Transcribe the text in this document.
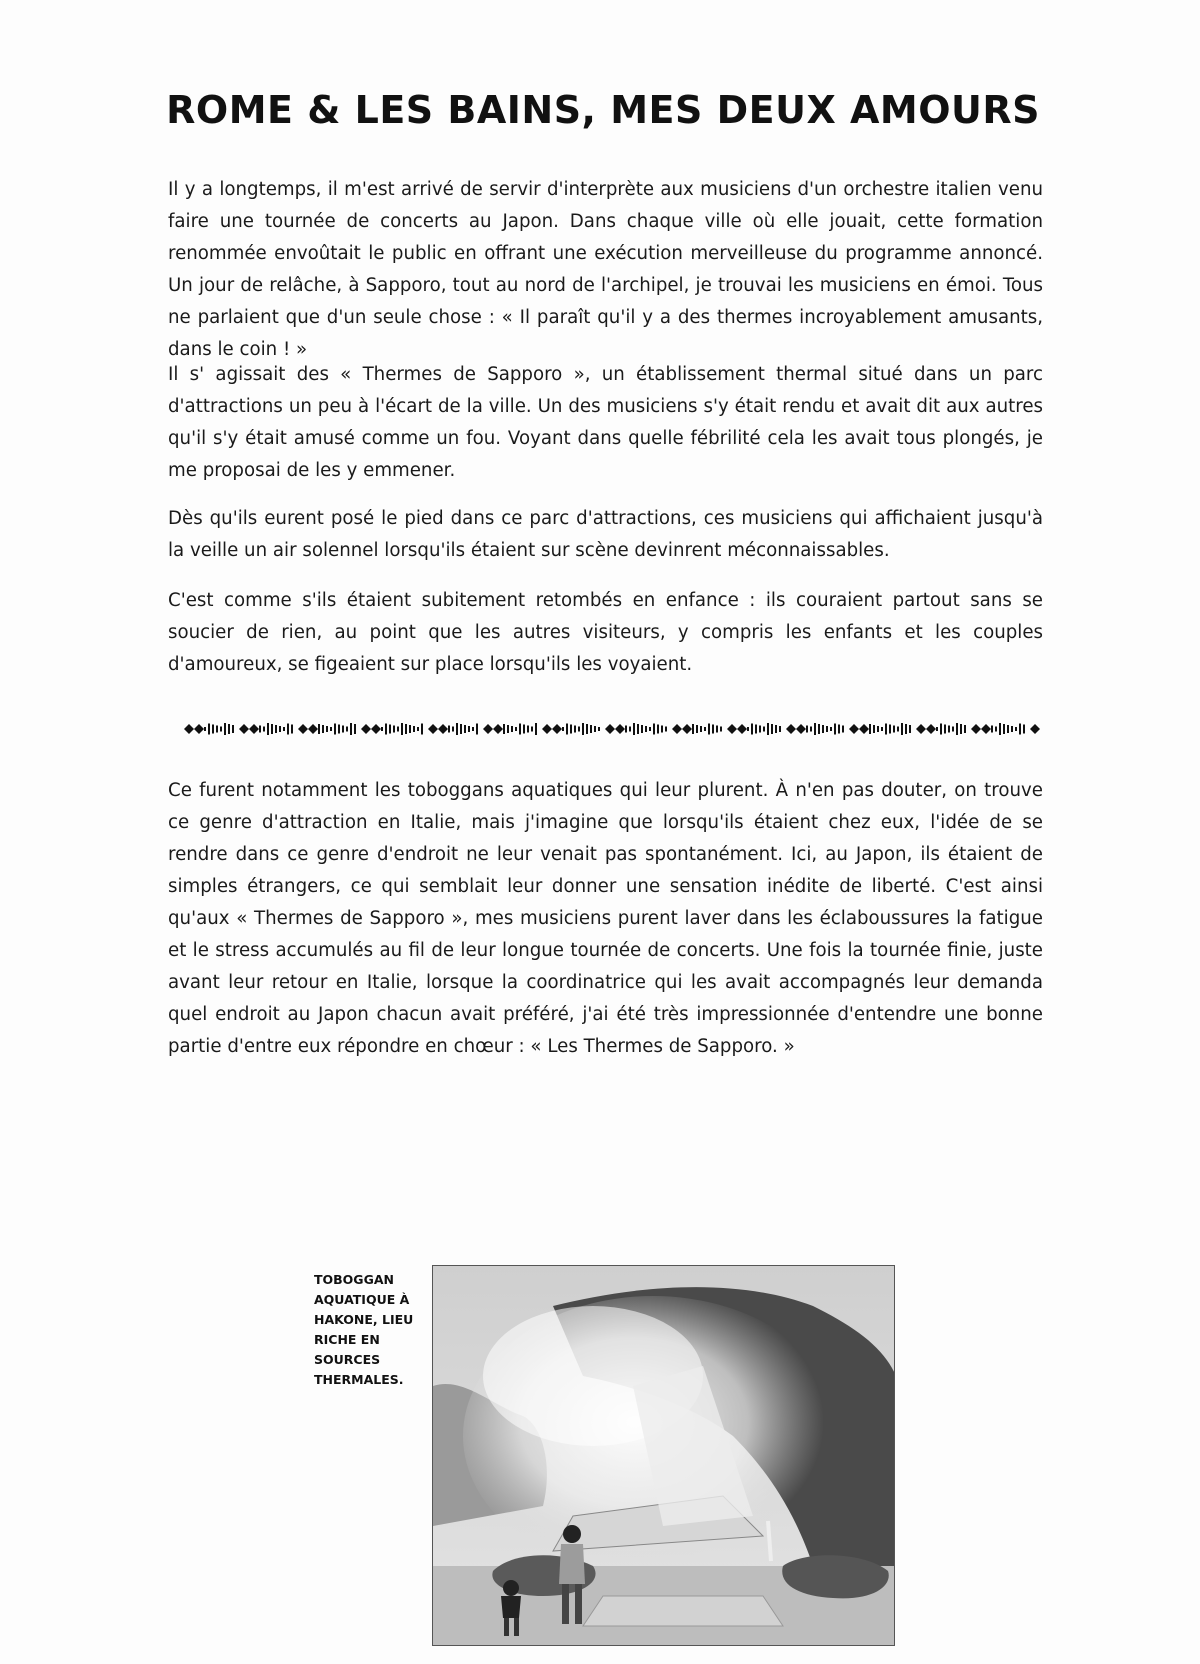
ROME & LES BAINS, MES DEUX AMOURS

Il y a longtemps, il m'est arrivé de servir d'interprète aux musiciens d'un orchestre italien venu faire une tournée de concerts au Japon. Dans chaque ville où elle jouait, cette formation renommée envoûtait le public en offrant une exécution merveilleuse du programme annoncé. Un jour de relâche, à Sapporo, tout au nord de l'archipel, je trouvai les musiciens en émoi. Tous ne parlaient que d'un seule chose : « Il paraît qu'il y a des thermes incroyablement amusants, dans le coin ! »

Il s' agissait des « Thermes de Sapporo », un établissement thermal situé dans un parc d'attractions un peu à l'écart de la ville. Un des musiciens s'y était rendu et avait dit aux autres qu'il s'y était amusé comme un fou. Voyant dans quelle fébrilité cela les avait tous plongés, je me proposai de les y emmener.

Dès qu'ils eurent posé le pied dans ce parc d'attractions, ces musiciens qui affichaient jusqu'à la veille un air solennel lorsqu'ils étaient sur scène devinrent méconnaissables.

C'est comme s'ils étaient subitement retombés en enfance : ils couraient partout sans se soucier de rien, au point que les autres visiteurs, y compris les enfants et les couples d'amoureux, se figeaient sur place lorsqu'ils les voyaient.

Ce furent notamment les toboggans aquatiques qui leur plurent. À n'en pas douter, on trouve ce genre d'attraction en Italie, mais j'imagine que lorsqu'ils étaient chez eux, l'idée de se rendre dans ce genre d'endroit ne leur venait pas spontanément. Ici, au Japon, ils étaient de simples étrangers, ce qui semblait leur donner une sensation inédite de liberté. C'est ainsi qu'aux « Thermes de Sapporo », mes musiciens purent laver dans les éclaboussures la fatigue et le stress accumulés au fil de leur longue tournée de concerts. Une fois la tournée finie, juste avant leur retour en Italie, lorsque la coordinatrice qui les avait accompagnés leur demanda quel endroit au Japon chacun avait préféré, j'ai été très impressionnée d'entendre une bonne partie d'entre eux répondre en chœur : « Les Thermes de Sapporo. »

TOBOGGAN AQUATIQUE À HAKONE, LIEU RICHE EN SOURCES THERMALES.
